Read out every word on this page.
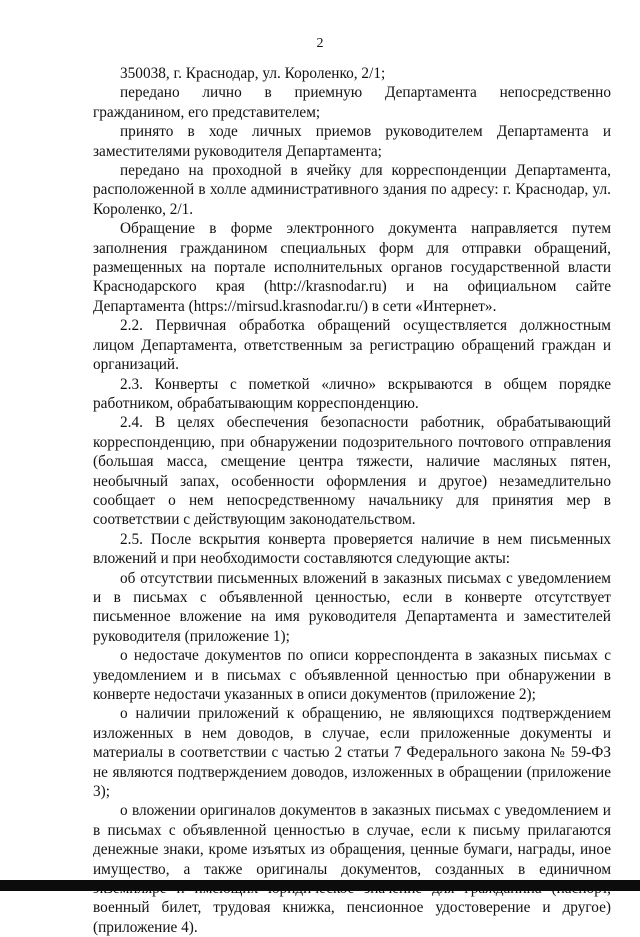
2

350038, г. Краснодар, ул. Короленко, 2/1;

передано лично в приемную Департамента непосредственно гражданином, его представителем;

принято в ходе личных приемов руководителем Департамента и заместителями руководителя Департамента;

передано на проходной в ячейку для корреспонденции Департамента, расположенной в холле административного здания по адресу: г. Краснодар, ул. Короленко, 2/1.

Обращение в форме электронного документа направляется путем заполнения гражданином специальных форм для отправки обращений, размещенных на портале исполнительных органов государственной власти Краснодарского края (http://krasnodar.ru) и на официальном сайте Департамента (https://mirsud.krasnodar.ru/) в сети «Интернет».

2.2. Первичная обработка обращений осуществляется должностным лицом Департамента, ответственным за регистрацию обращений граждан и организаций.

2.3. Конверты с пометкой «лично» вскрываются в общем порядке работником, обрабатывающим корреспонденцию.

2.4. В целях обеспечения безопасности работник, обрабатывающий корреспонденцию, при обнаружении подозрительного почтового отправления (большая масса, смещение центра тяжести, наличие масляных пятен, необычный запах, особенности оформления и другое) незамедлительно сообщает о нем непосредственному начальнику для принятия мер в соответствии с действующим законодательством.

2.5. После вскрытия конверта проверяется наличие в нем письменных вложений и при необходимости составляются следующие акты:

об отсутствии письменных вложений в заказных письмах с уведомлением и в письмах с объявленной ценностью, если в конверте отсутствует письменное вложение на имя руководителя Департамента и заместителей руководителя (приложение 1);

о недостаче документов по описи корреспондента в заказных письмах с уведомлением и в письмах с объявленной ценностью при обнаружении в конверте недостачи указанных в описи документов (приложение 2);

о наличии приложений к обращению, не являющихся подтверждением изложенных в нем доводов, в случае, если приложенные документы и материалы в соответствии с частью 2 статьи 7 Федерального закона № 59-ФЗ не являются подтверждением доводов, изложенных в обращении (приложение 3);

о вложении оригиналов документов в заказных письмах с уведомлением и в письмах с объявленной ценностью в случае, если к письму прилагаются денежные знаки, кроме изъятых из обращения, ценные бумаги, награды, иное имущество, а также оригиналы документов, созданных в единичном военный билет, трудовая книжка, пенсионное удостоверение и другое) (приложение 4).
